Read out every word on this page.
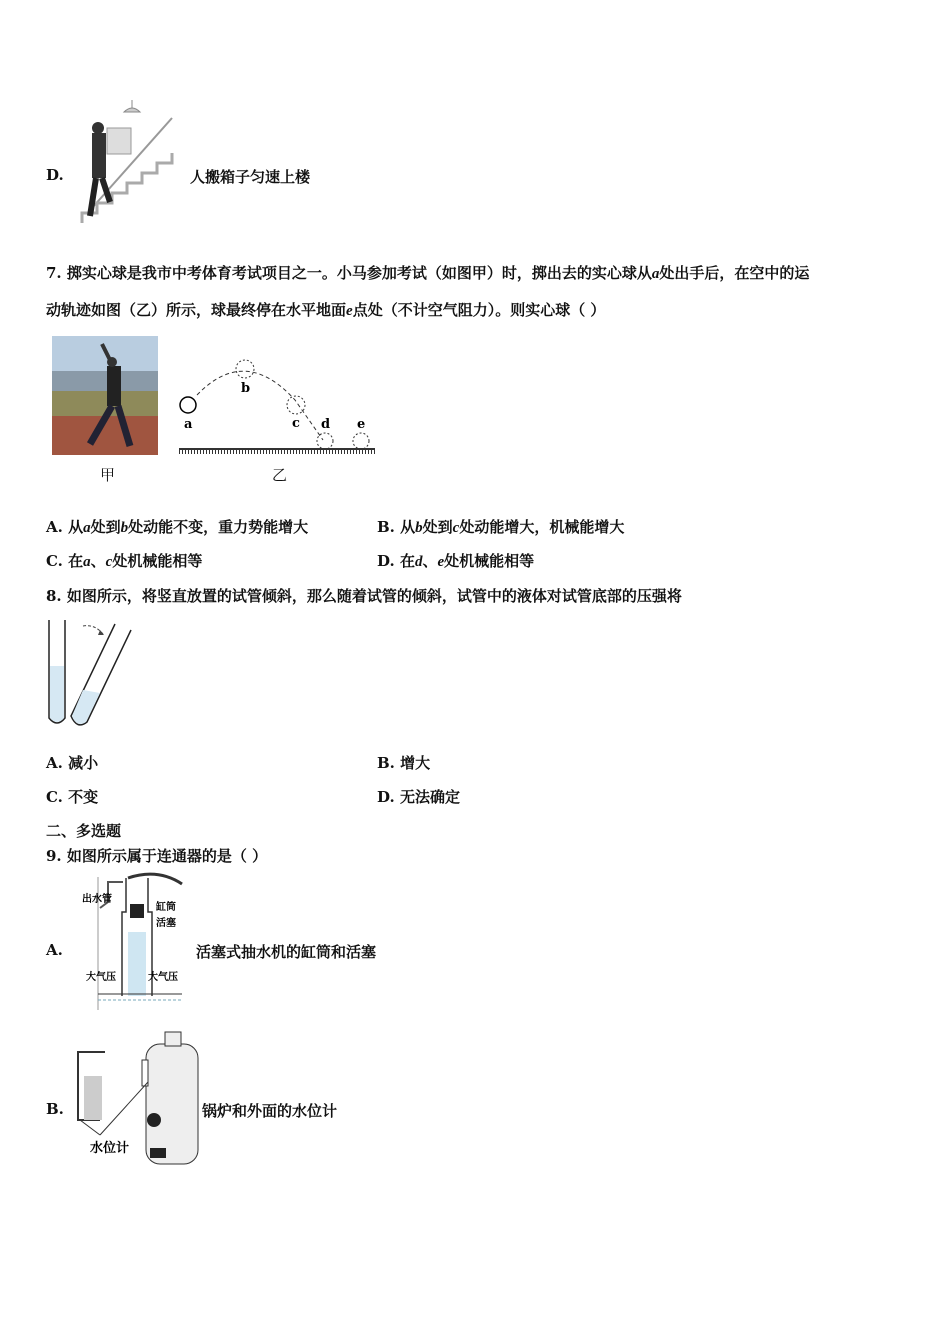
D.	人搬箱子匀速上楼
7. 掷实心球是我市中考体育考试项目之一。小马参加考试（如图甲）时，掷出去的实心球从a处出手后，在空中的运
动轨迹如图（乙）所示，球最终停在水平地面e点处（不计空气阻力）。则实心球（ ）
甲
a
b
c d e
乙
A. 从a处到b处动能不变，重力势能增大	B. 从b处到c处动能增大，机械能增大
C. 在a、c处机械能相等	D. 在d、e处机械能相等
8. 如图所示，将竖直放置的试管倾斜，那么随着试管的倾斜，试管中的液体对试管底部的压强将
A. 减小	B. 增大
C. 不变	D. 无法确定
二、多选题
9. 如图所示属于连通器的是（ ）
出水管
缸筒
活塞
大气压	大气压
A.	活塞式抽水机的缸筒和活塞
水位计
B.	锅炉和外面的水位计
